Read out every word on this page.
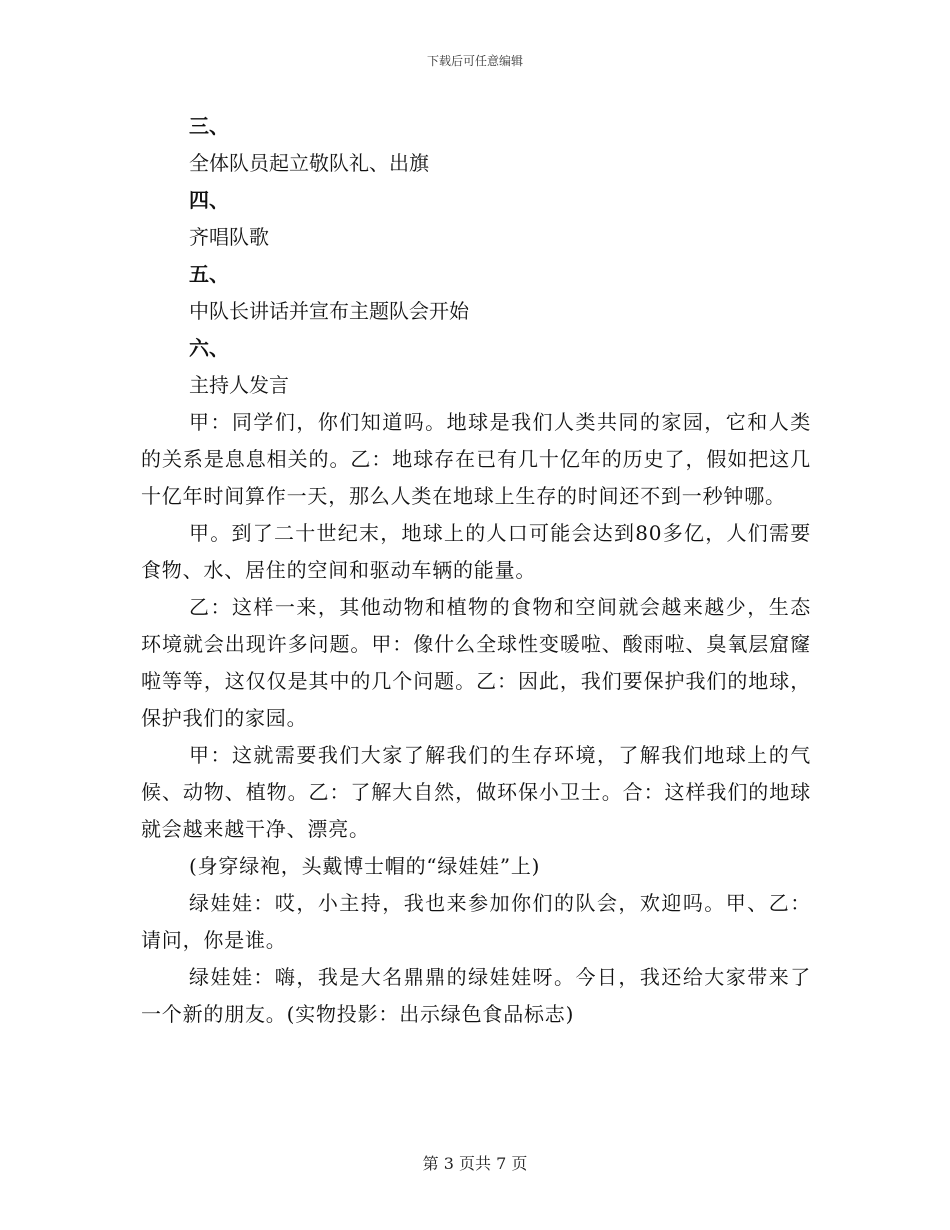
下载后可任意编辑
三、
全体队员起立敬队礼、出旗
四、
齐唱队歌
五、
中队长讲话并宣布主题队会开始
六、
主持人发言

甲：同学们，你们知道吗。地球是我们人类共同的家园，它和人类的关系是息息相关的。乙：地球存在已有几十亿年的历史了，假如把这几十亿年时间算作一天，那么人类在地球上生存的时间还不到一秒钟哪。

甲。到了二十世纪末，地球上的人口可能会达到80多亿，人们需要食物、水、居住的空间和驱动车辆的能量。

乙：这样一来，其他动物和植物的食物和空间就会越来越少，生态环境就会出现许多问题。甲：像什么全球性变暖啦、酸雨啦、臭氧层窟窿啦等等，这仅仅是其中的几个问题。乙：因此，我们要保护我们的地球，保护我们的家园。

甲：这就需要我们大家了解我们的生存环境，了解我们地球上的气候、动物、植物。乙：了解大自然，做环保小卫士。合：这样我们的地球就会越来越干净、漂亮。

(身穿绿袍，头戴博士帽的“绿娃娃”上)

绿娃娃：哎，小主持，我也来参加你们的队会，欢迎吗。甲、乙：请问，你是谁。

绿娃娃：嗨，我是大名鼎鼎的绿娃娃呀。今日，我还给大家带来了一个新的朋友。(实物投影：出示绿色食品标志)

第 3 页共 7 页
